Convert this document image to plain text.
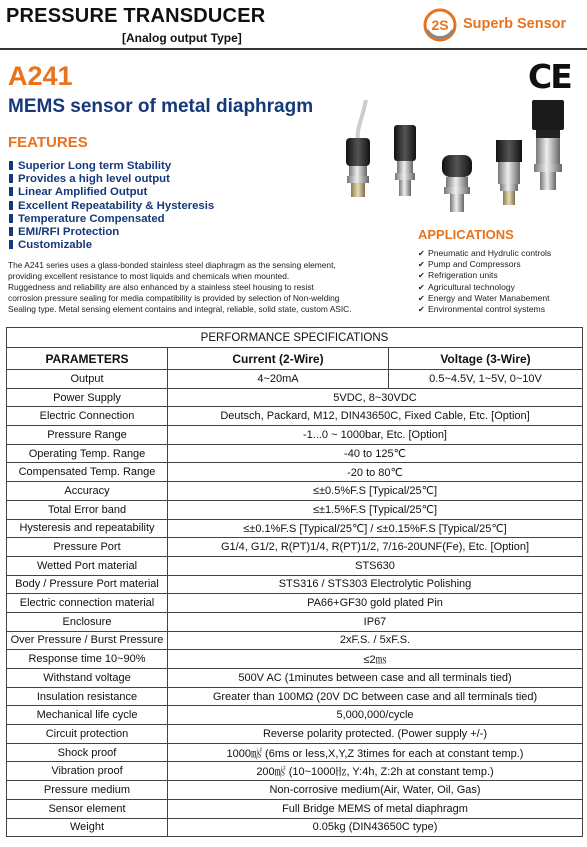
PRESSURE TRANSDUCER
[Analog output Type]
2S Superb Sensor
A241	CE
MEMS sensor of metal diaphragm
FEATURES
Superior Long term Stability
Provides a high level output
Linear Amplified Output
Excellent Repeatability & Hysteresis
Temperature Compensated
EMI/RFI Protection
Customizable

The A241 series uses a glass-bonded stainless steel diaphragm as the sensing element,

providing excellent resistance to most liquids and chemicals when mounted.

Ruggedness and reliability are also enhanced by a stainless steel housing to resist

corrosion pressure sealing for media compatibility is provided by selection of Non-welding

Sealing type. Metal sensing element contains and integral, reliable, solid state, custom ASIC.

APPLICATIONS
✔ Pneumatic and Hydrulic controls
✔ Pump and Compressors
✔ Refrigeration units
✔ Agricultural technology
✔ Energy and Water Manabement
✔ Environmental control systems
PERFORMANCE SPECIFICATIONS		
PARAMETERS	Current (2-Wire)	Voltage (3-Wire)
Output	4~20mA	0.5~4.5V, 1~5V, 0~10V
Power Supply	5VDC, 8~30VDC	
Electric Connection	Deutsch, Packard, M12, DIN43650C, Fixed Cable, Etc. [Option]	
Pressure Range	-1...0 ~ 1000bar, Etc. [Option]	
Operating Temp. Range	-40 to 125℃	
Compensated Temp. Range	-20 to 80℃	
Accuracy	≤±0.5%F.S [Typical/25℃]	
Total Error band	≤±1.5%F.S [Typical/25℃]	
Hysteresis and repeatability	≤±0.1%F.S [Typical/25℃] / ≤±0.15%F.S [Typical/25℃]	
Pressure Port	G1/4, G1/2, R(PT)1/4, R(PT)1/2, 7/16-20UNF(Fe), Etc. [Option]	
Wetted Port material	STS630	
Body / Pressure Port material	STS316 / STS303 Electrolytic Polishing	
Electric connection material	PA66+GF30 gold plated Pin	
Enclosure	IP67	
Over Pressure / Burst Pressure	2xF.S. / 5xF.S.	
Response time 10~90%	≤2㎳	
Withstand voltage	500V AC (1minutes between case and all terminals tied)	
Insulation resistance	Greater than 100MΩ (20V DC between case and all terminals tied)	
Mechanical life cycle	5,000,000/cycle	
Circuit protection	Reverse polarity protected. (Power supply +/-)	
Shock proof	1000㎨ (6ms or less,X,Y,Z 3times for each at constant temp.)	
Vibration proof	200㎨ (10~1000㎐, Y:4h, Z:2h at constant temp.)	
Pressure medium	Non-corrosive medium(Air, Water, Oil, Gas)	
Sensor element	Full Bridge MEMS of metal diaphragm	
Weight	0.05kg (DIN43650C type)	
